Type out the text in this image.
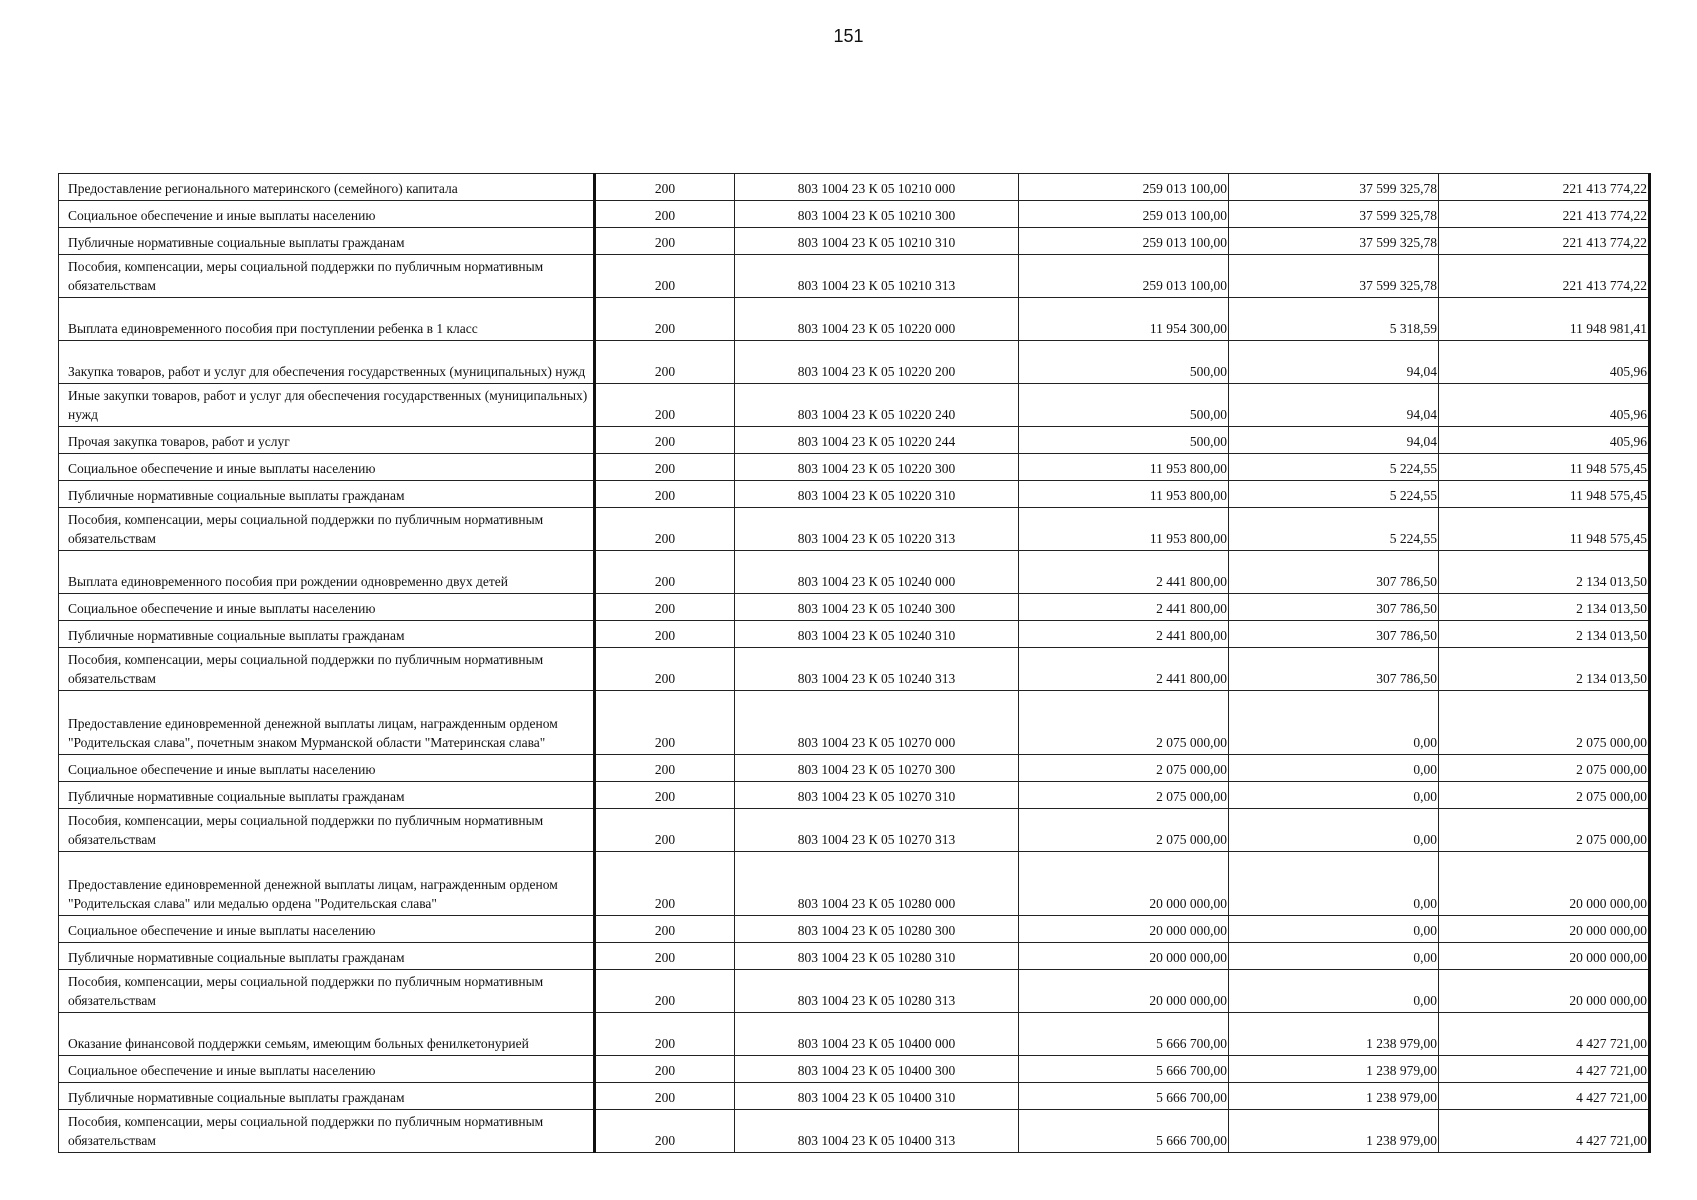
151
Предоставление регионального материнского (семейного) капитала	200	803 1004 23 К 05 10210 000	259 013 100,00	37 599 325,78	221 413 774,22

Социальное обеспечение и иные выплаты населению	200	803 1004 23 К 05 10210 300	259 013 100,00	37 599 325,78	221 413 774,22

Публичные нормативные социальные выплаты гражданам	200	803 1004 23 К 05 10210 310	259 013 100,00	37 599 325,78	221 413 774,22

Пособия, компенсации, меры социальной поддержки по публичным нормативным обязательствам	200	803 1004 23 К 05 10210 313	259 013 100,00	37 599 325,78	221 413 774,22

Выплата единовременного пособия при поступлении ребенка в 1 класс	200	803 1004 23 К 05 10220 000	11 954 300,00	5 318,59	11 948 981,41

Закупка товаров, работ и услуг для обеспечения государственных (муниципальных) нужд	200	803 1004 23 К 05 10220 200	500,00	94,04	405,96

Иные закупки товаров, работ и услуг для обеспечения государственных (муниципальных) нужд	200	803 1004 23 К 05 10220 240	500,00	94,04	405,96

Прочая закупка товаров, работ и услуг	200	803 1004 23 К 05 10220 244	500,00	94,04	405,96

Социальное обеспечение и иные выплаты населению	200	803 1004 23 К 05 10220 300	11 953 800,00	5 224,55	11 948 575,45

Публичные нормативные социальные выплаты гражданам	200	803 1004 23 К 05 10220 310	11 953 800,00	5 224,55	11 948 575,45

Пособия, компенсации, меры социальной поддержки по публичным нормативным обязательствам	200	803 1004 23 К 05 10220 313	11 953 800,00	5 224,55	11 948 575,45

Выплата единовременного пособия при рождении одновременно двух детей	200	803 1004 23 К 05 10240 000	2 441 800,00	307 786,50	2 134 013,50

Социальное обеспечение и иные выплаты населению	200	803 1004 23 К 05 10240 300	2 441 800,00	307 786,50	2 134 013,50

Публичные нормативные социальные выплаты гражданам	200	803 1004 23 К 05 10240 310	2 441 800,00	307 786,50	2 134 013,50

Пособия, компенсации, меры социальной поддержки по публичным нормативным обязательствам	200	803 1004 23 К 05 10240 313	2 441 800,00	307 786,50	2 134 013,50

Предоставление единовременной денежной выплаты лицам, награжденным орденом "Родительская слава", почетным знаком Мурманской области "Материнская слава"	200	803 1004 23 К 05 10270 000	2 075 000,00	0,00	2 075 000,00

Социальное обеспечение и иные выплаты населению	200	803 1004 23 К 05 10270 300	2 075 000,00	0,00	2 075 000,00

Публичные нормативные социальные выплаты гражданам	200	803 1004 23 К 05 10270 310	2 075 000,00	0,00	2 075 000,00

Пособия, компенсации, меры социальной поддержки по публичным нормативным обязательствам	200	803 1004 23 К 05 10270 313	2 075 000,00	0,00	2 075 000,00

Предоставление единовременной денежной выплаты лицам, награжденным орденом "Родительская слава" или медалью ордена "Родительская слава"	200	803 1004 23 К 05 10280 000	20 000 000,00	0,00	20 000 000,00

Социальное обеспечение и иные выплаты населению	200	803 1004 23 К 05 10280 300	20 000 000,00	0,00	20 000 000,00

Публичные нормативные социальные выплаты гражданам	200	803 1004 23 К 05 10280 310	20 000 000,00	0,00	20 000 000,00

Пособия, компенсации, меры социальной поддержки по публичным нормативным обязательствам	200	803 1004 23 К 05 10280 313	20 000 000,00	0,00	20 000 000,00

Оказание финансовой поддержки семьям, имеющим больных фенилкетонурией	200	803 1004 23 К 05 10400 000	5 666 700,00	1 238 979,00	4 427 721,00

Социальное обеспечение и иные выплаты населению	200	803 1004 23 К 05 10400 300	5 666 700,00	1 238 979,00	4 427 721,00

Публичные нормативные социальные выплаты гражданам	200	803 1004 23 К 05 10400 310	5 666 700,00	1 238 979,00	4 427 721,00

Пособия, компенсации, меры социальной поддержки по публичным нормативным обязательствам	200	803 1004 23 К 05 10400 313	5 666 700,00	1 238 979,00	4 427 721,00
